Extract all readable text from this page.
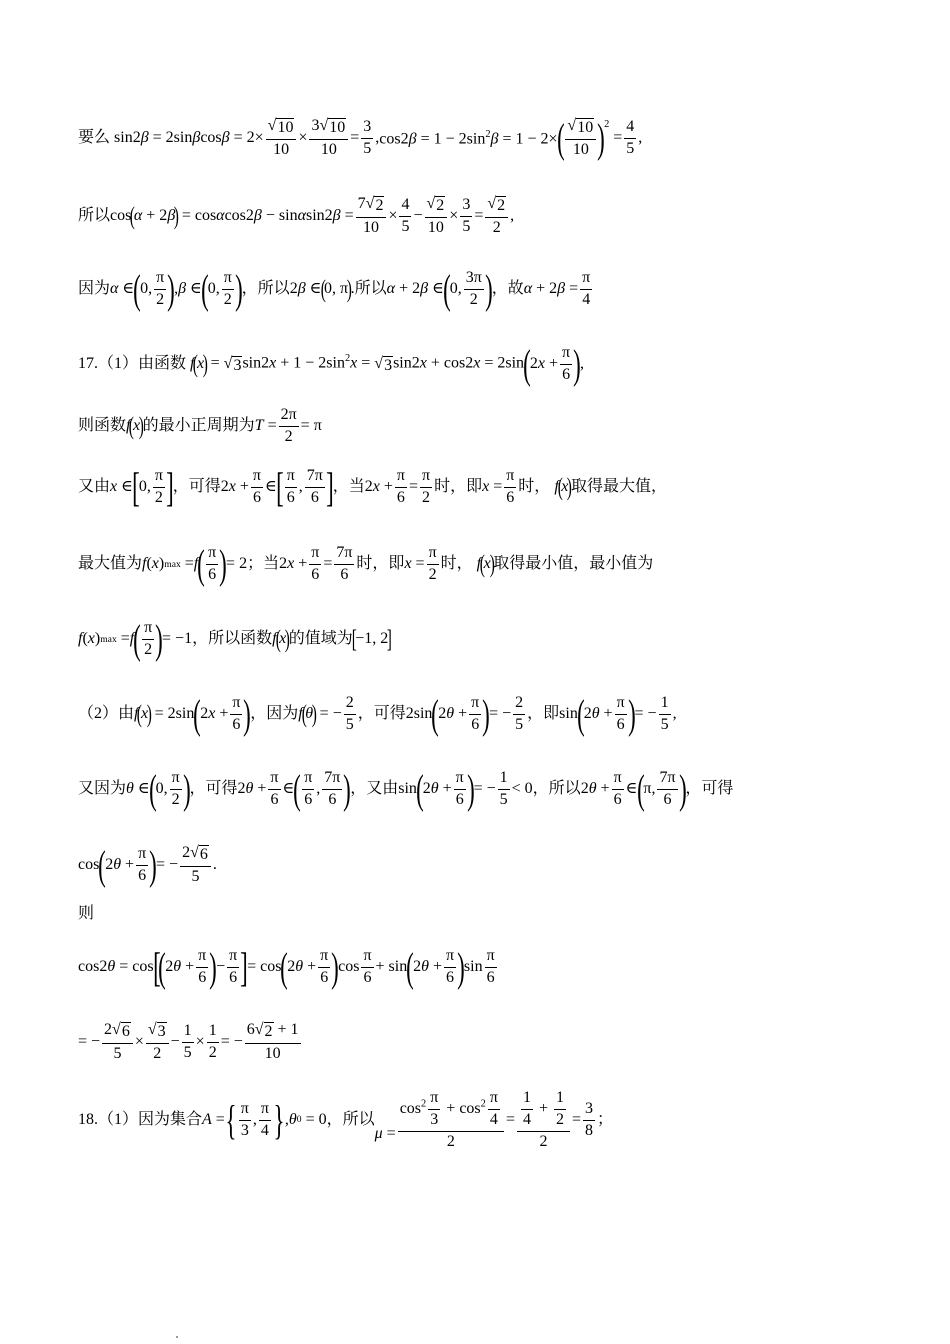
要么 $\sin 2\beta = 2\sin\beta\cos\beta = 2\times \frac{√ 10}{10} \times \frac{3 √ 10}{10} = \frac{3}{5}$ , $\cos 2\beta = 1 - 2\sin^2\beta = 1 - 2\times$ ( $\frac{√ 10}{10} )^2$
= $\frac{4}{5}$ ,
所以 cos
(
α + 2 β
)
= $\cos\alpha\cos 2\beta - \sin\alpha\sin 2\beta = \frac{7 √ 2}{10} \times \frac{4}{5} - \frac{√ 2}{10} \times \frac{3}{5} = \frac{√ 2}{2}$ ,
因为 α ∈ ( 0, $\frac{\pi}{2}$ ) , β ∈ ( 0, $\frac{\pi}{2}$ ) ，所以 2 β ∈
(
0, π
)
.所以 α + 2 β ∈ ( 0, $\frac{3\pi}{2}$ ) ，故 α + 2 $\beta = \frac{\pi}{4}$
17.（1）由函数
f
(
x
)
= √ 3 $\sin 2x + 1 - 2\sin^2x$ = √ 3 sin2x + cos2x = 2sin ( $2x + \frac{\pi}{6}$ ) ,
则函数 f
(
x
)
的最小正周期为 $T = \frac{2\pi}{2} = \pi$
又由 x ∈ [ 0, $\frac{\pi}{2}$ ] ，可得 $2x + \frac{\pi}{6}$ ∈ [ $\frac{\pi}{6}$ , $\frac{7\pi}{6}$ ] ，当 $2x + \frac{\pi}{6} = \frac{\pi}{2}$ 时，即 $x = \frac{\pi}{6}$ 时， f
(
x
)
取得最大值，
最大值为 f ( x ) max = f ( $\frac{\pi}{6}$ ) = 2 ；当 $2x + \frac{\pi}{6} = \frac{7\pi}{6}$ 时，即 $x = \frac{\pi}{2}$ 时， f
(
x
)
取得最小值，最小值为
f ( x ) max = f ( $\frac{\pi}{2}$ ) = −1 ，所以函数 f
(
x
)
的值域为
[
−1, 2
]
（2）由 f
(
x
)
= 2sin ( $2x + \frac{\pi}{6}$ ) ，因为 f
(
θ
)
= − $\frac{2}{5}$ ，可得 2sin ( $2\theta + \frac{\pi}{6}$ ) = − $\frac{2}{5}$ ，即 sin ( $2\theta + \frac{\pi}{6}$ ) = − $\frac{1}{5}$ ,
又因为 θ ∈ ( 0, $\frac{\pi}{2}$ ) ，可得 $2\theta + \frac{\pi}{6}$ ∈ ( $\frac{\pi}{6}$ , $\frac{7\pi}{6}$ ) ，又由 sin ( $2\theta + \frac{\pi}{6}$ ) = − $\frac{1}{5} < 0$ ，所以 $2\theta + \frac{\pi}{6}$ ∈ ( π, $\frac{7\pi}{6}$ ) ，可得
cos ( $2\theta + \frac{\pi}{6}$ ) = − $\frac{2 √ 6}{5}$ .
则
cos2θ = cos [
( $2\theta + \frac{\pi}{6}$ ) − $\frac{\pi}{6}$ ] = cos ( $2\theta + \frac{\pi}{6}$ ) $\cos \frac{\pi}{6} + \sin$ ( $2\theta + \frac{\pi}{6}$ ) $\sin \frac{\pi}{6}$
= − $\frac{2 √ 6}{5} \times \frac{√ 3}{2} - \frac{1}{5} \times \frac{1}{2}$ = − $\frac{6 √ 2 + 1}{10}$
18.（1）因为集合 A = { $\frac{\pi}{3}$ , $\frac{\pi}{4}$ } , θ 0 = 0 ，所以
$\mu = \frac{\cos^2 \frac{\pi}{3} + \cos^2 \frac{\pi}{4}}{2} = \frac{\frac{1}{4} + \frac{1}{2}}{2} = \frac{3}{8}$ ；
